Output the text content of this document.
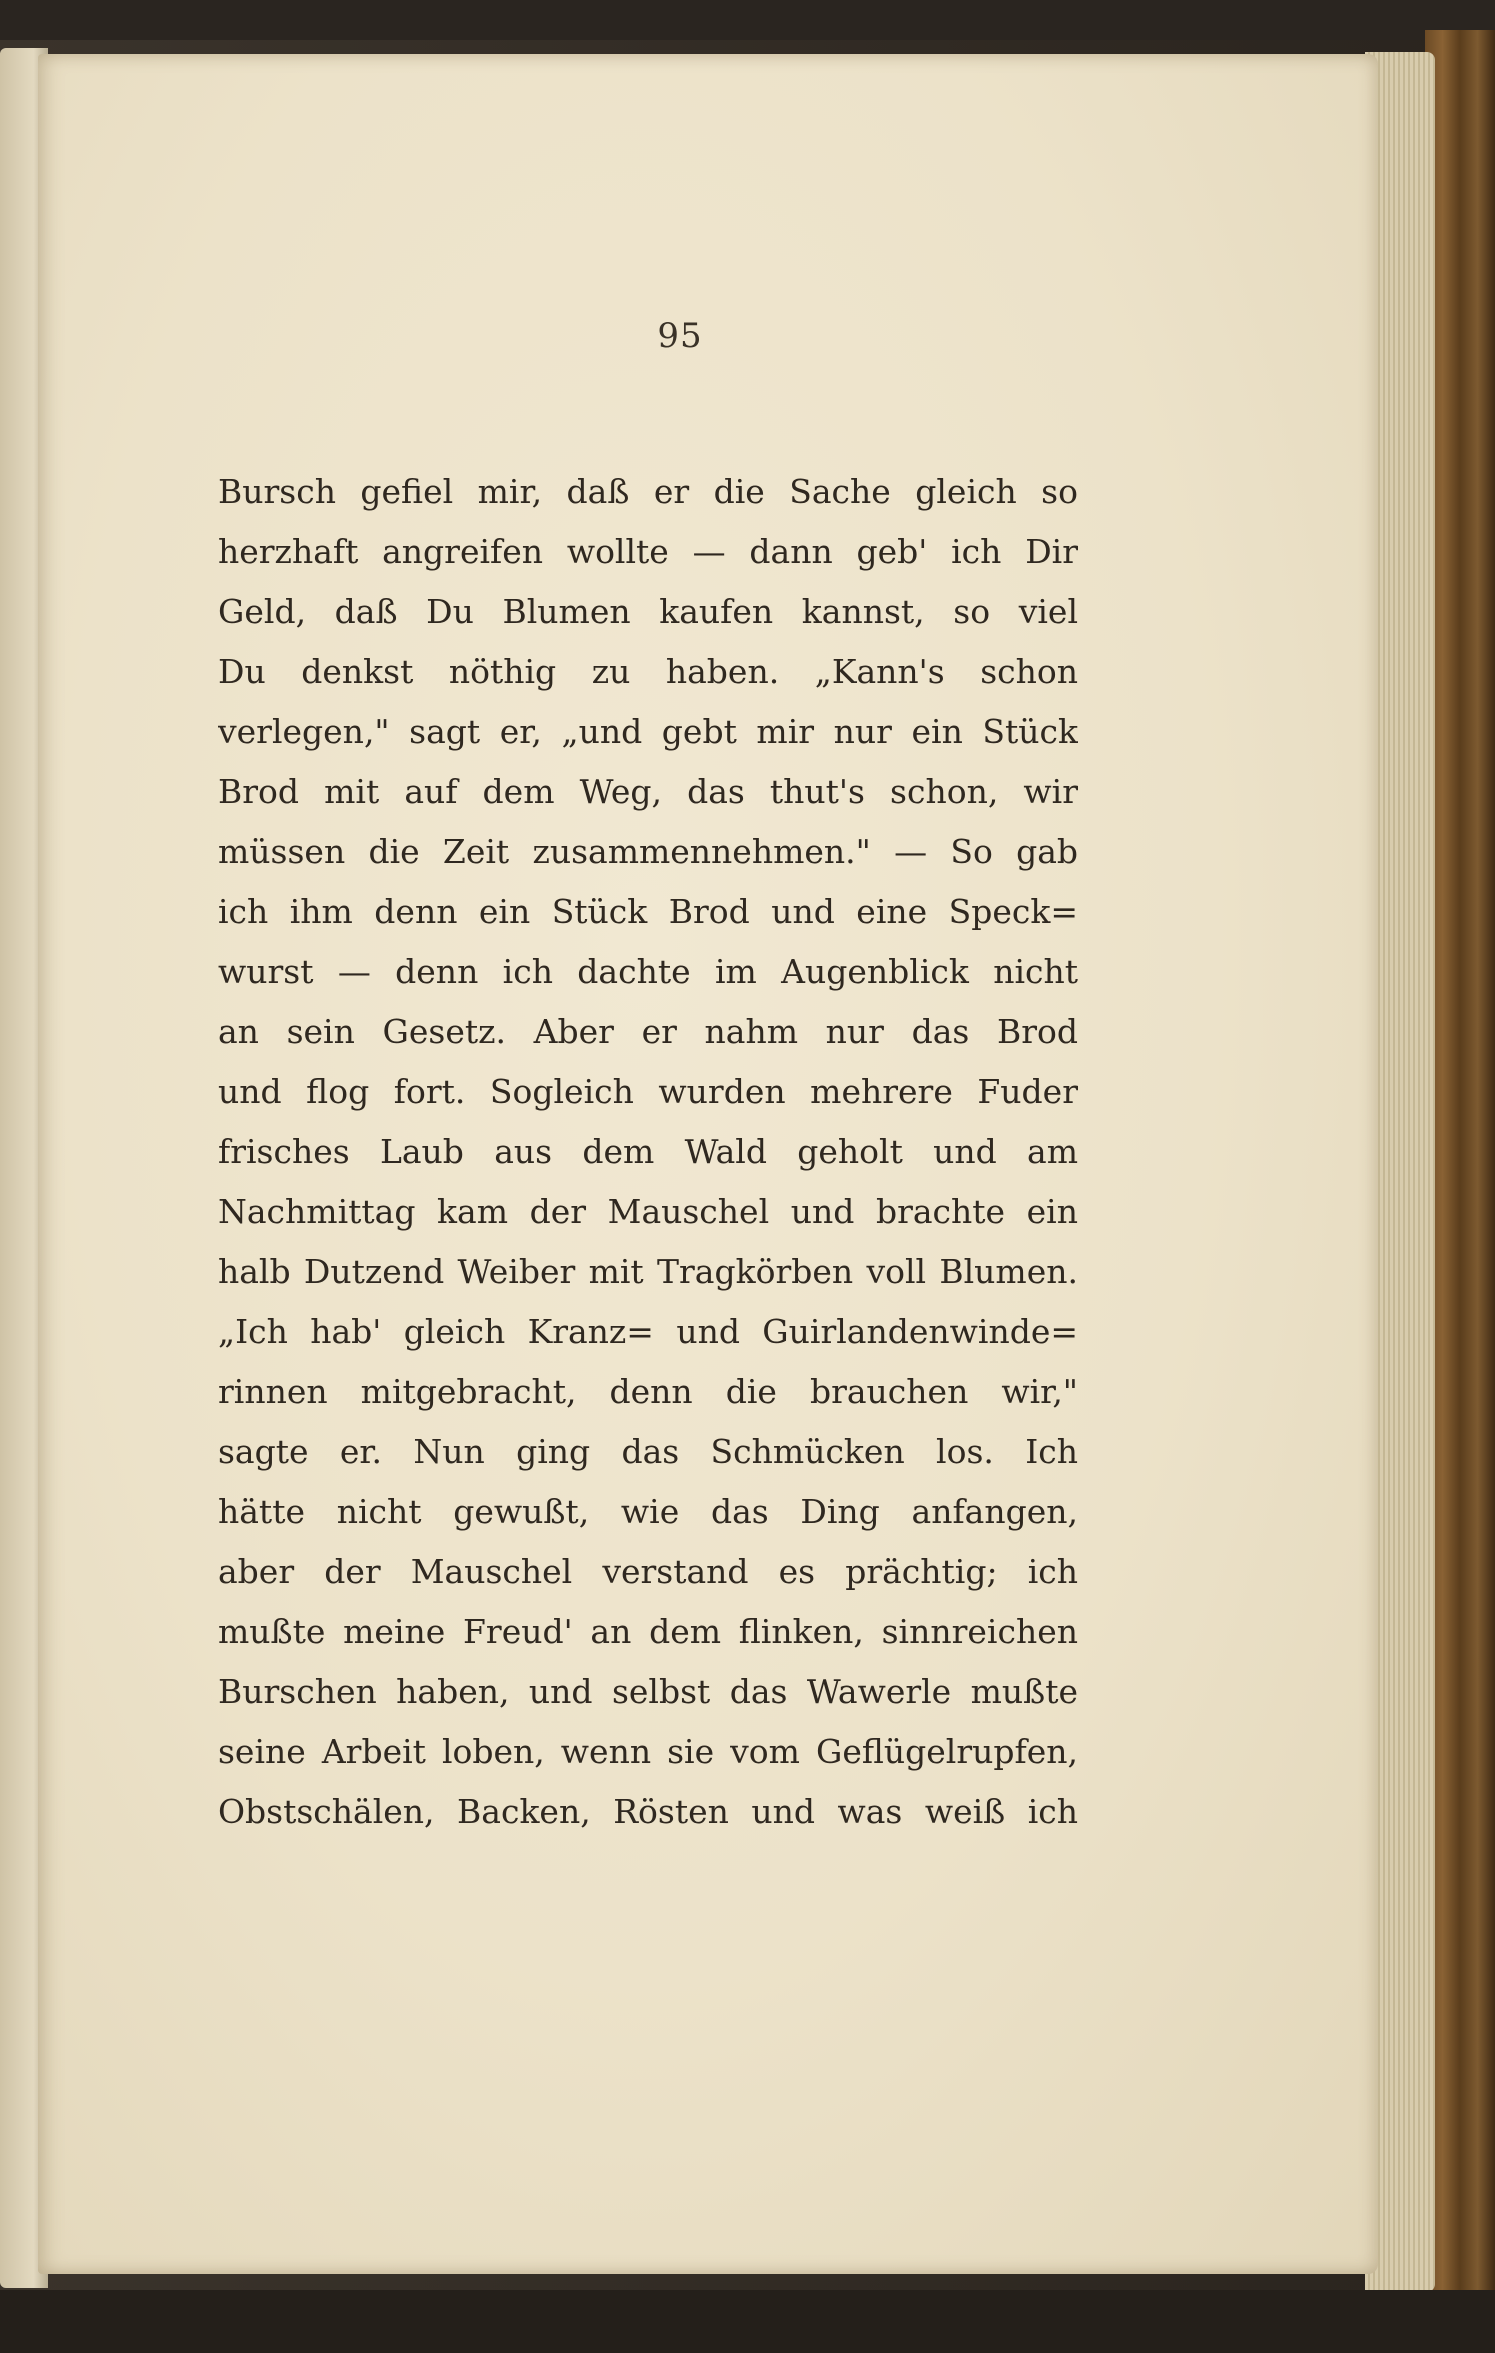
95
Bursch gefiel mir, daß er die Sache gleich so
herzhaft angreifen wollte — dann geb' ich Dir
Geld, daß Du Blumen kaufen kannst, so viel
Du denkst nöthig zu haben. „Kann's schon
verlegen," sagt er, „und gebt mir nur ein Stück
Brod mit auf dem Weg, das thut's schon, wir
müssen die Zeit zusammennehmen." — So gab
ich ihm denn ein Stück Brod und eine Speck=
wurst — denn ich dachte im Augenblick nicht
an sein Gesetz. Aber er nahm nur das Brod
und flog fort. Sogleich wurden mehrere Fuder
frisches Laub aus dem Wald geholt und am
Nachmittag kam der Mauschel und brachte ein
halb Dutzend Weiber mit Tragkörben voll Blumen.
„Ich hab' gleich Kranz= und Guirlandenwinde=
rinnen mitgebracht, denn die brauchen wir,"
sagte er. Nun ging das Schmücken los. Ich
hätte nicht gewußt, wie das Ding anfangen,
aber der Mauschel verstand es prächtig; ich
mußte meine Freud' an dem flinken, sinnreichen
Burschen haben, und selbst das Wawerle mußte
seine Arbeit loben, wenn sie vom Geflügelrupfen,
Obstschälen, Backen, Rösten und was weiß ich
